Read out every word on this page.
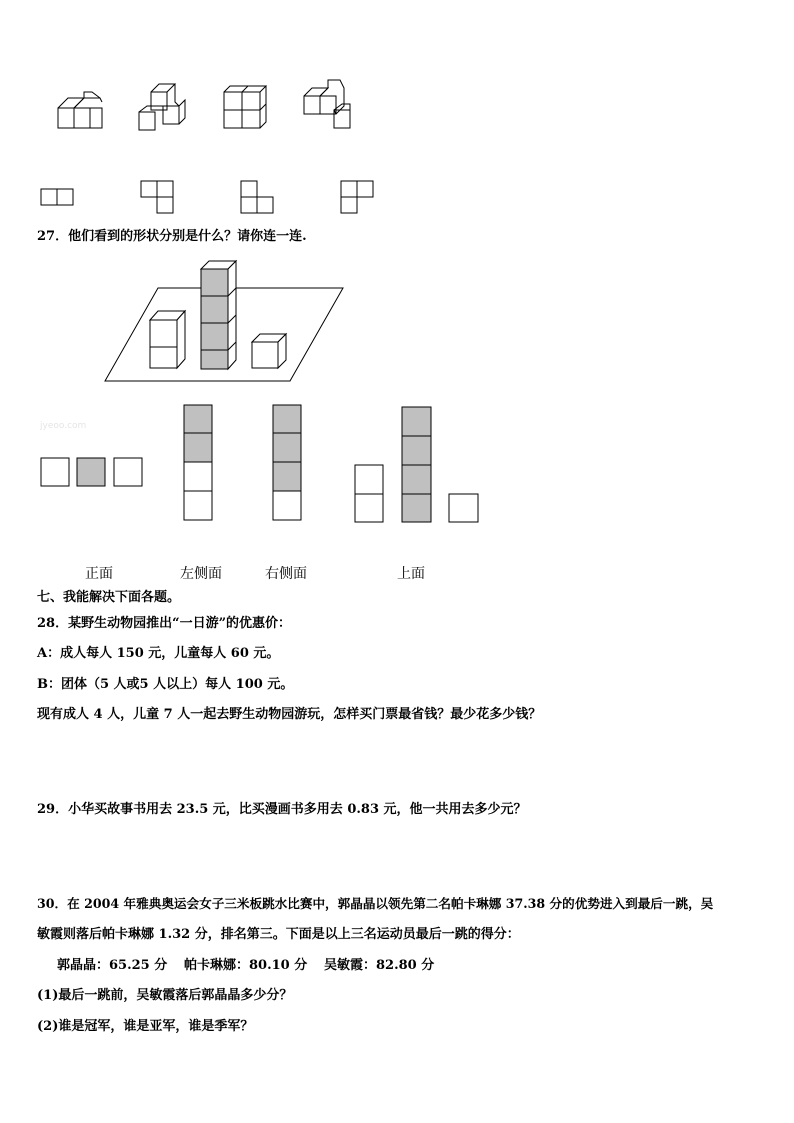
27．他们看到的形状分别是什么？请你连一连.
jyeoo.com
正面	左侧面	右侧面	上面
七、我能解决下面各题。
28．某野生动物园推出“一日游”的优惠价：
A：成人每人 150 元，儿童每人 60 元。
B：团体（5 人或5 人以上）每人 100 元。
现有成人 4 人，儿童 7 人一起去野生动物园游玩，怎样买门票最省钱？最少花多少钱？
29．小华买故事书用去 23.5 元，比买漫画书多用去 0.83 元，他一共用去多少元？
30．在 2004 年雅典奥运会女子三米板跳水比赛中，郭晶晶以领先第二名帕卡琳娜 37.38 分的优势进入到最后一跳，吴
敏霞则落后帕卡琳娜 1.32 分，排名第三。下面是以上三名运动员最后一跳的得分：
郭晶晶：65.25 分 帕卡琳娜：80.10 分 吴敏霞：82.80 分
(1)最后一跳前，吴敏霞落后郭晶晶多少分？
(2)谁是冠军，谁是亚军，谁是季军？
